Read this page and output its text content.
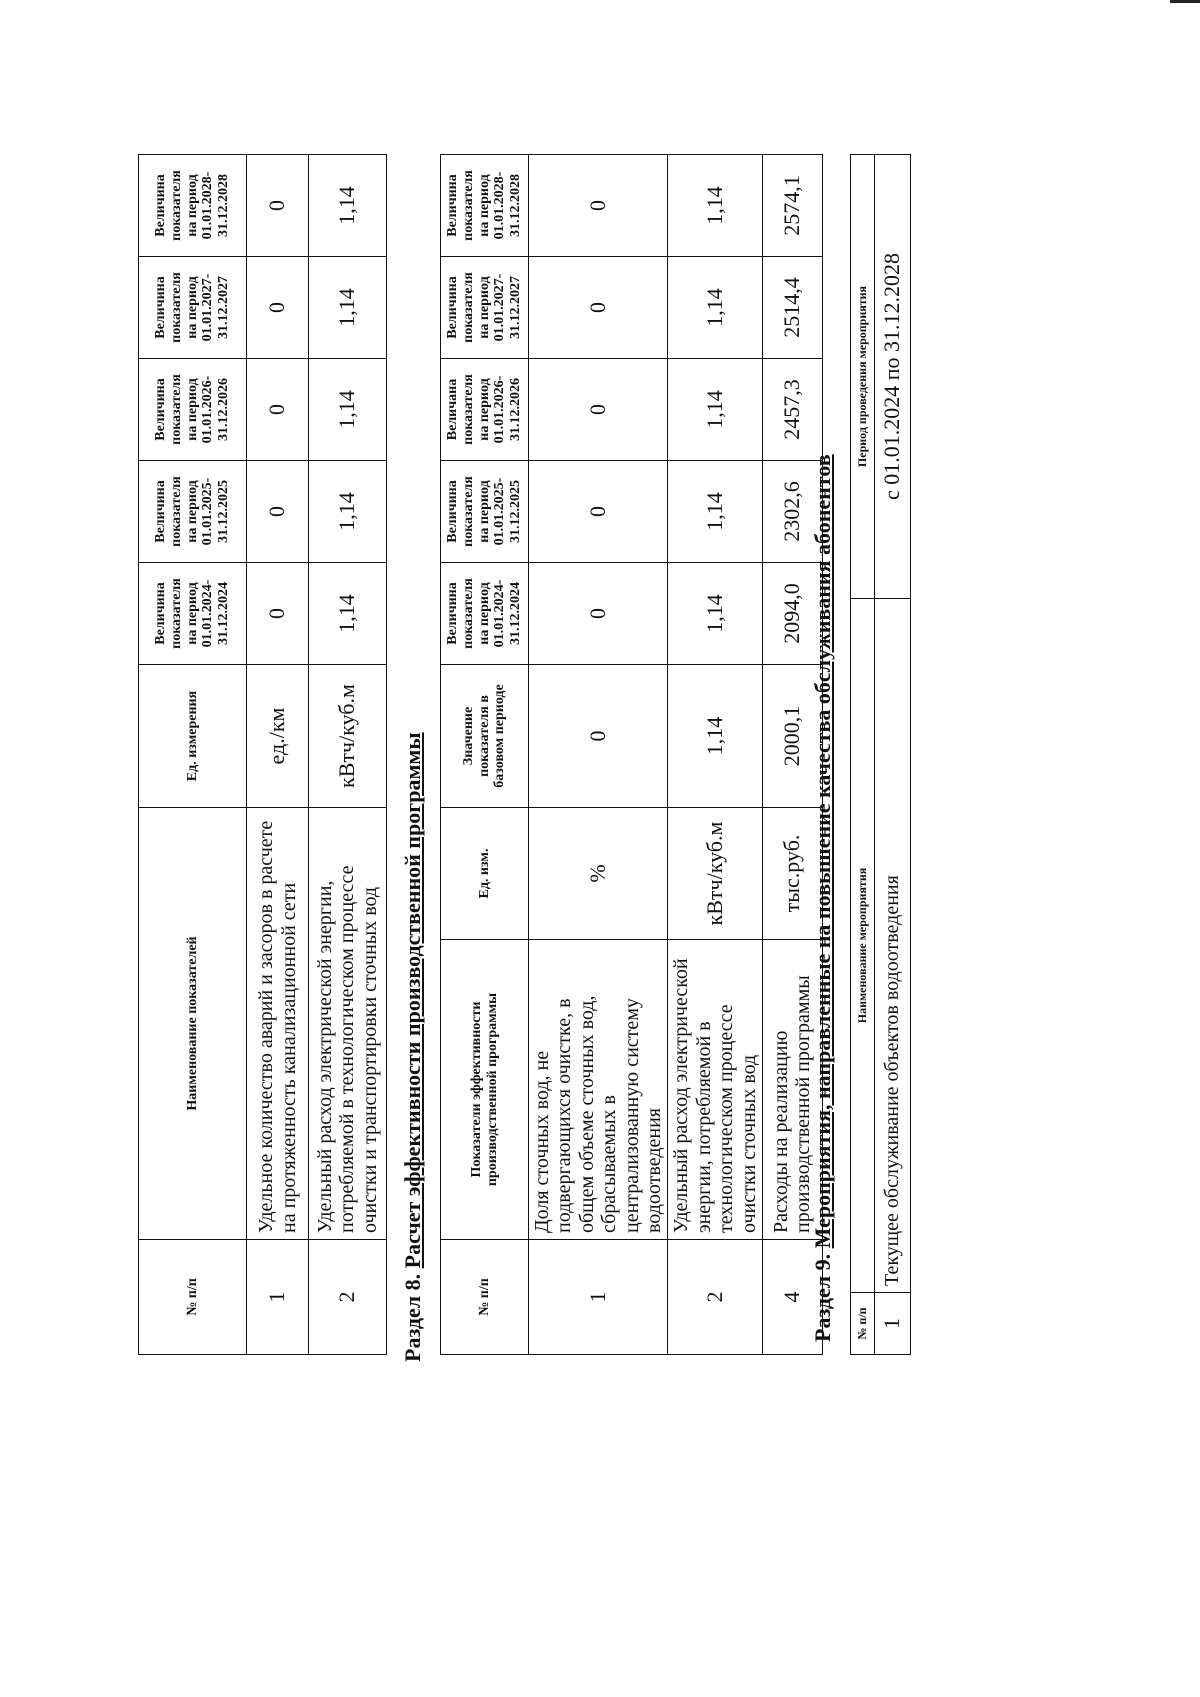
№ п/п	Наименование показателей	Ед. измерения	Величина показателя на период 01.01.2024-31.12.2024	Величина показателя на период 01.01.2025-31.12.2025	Величина показателя на период 01.01.2026-31.12.2026	Величина показателя на период 01.01.2027-31.12.2027	Величина показателя на период 01.01.2028-31.12.2028
1	Удельное количество аварий и засоров в расчете на протяженность канализационной сети	ед./км	0	0	0	0	0
2	Удельный расход электрической энергии, потребляемой в технологическом процессе очистки и транспортировки сточных вод	кВтч/куб.м	1,14	1,14	1,14	1,14	1,14
Раздел 8. Расчет эффективности производственной программы
№ п/п	Показатели эффективности производственной программы	Ед. изм.	Значение показателя в базовом периоде	Величина показателя на период 01.01.2024-31.12.2024	Величина показателя на период 01.01.2025-31.12.2025	Величана показателя на период 01.01.2026-31.12.2026	Величина показателя на период 01.01.2027-31.12.2027	Величина показателя на период 01.01.2028-31.12.2028
1	Доля сточных вод, не подвергающихся очистке, в общем объеме сточных вод, сбрасываемых в централизованную систему водоотведения	%	0	0	0	0	0	0
2	Удельный расход электрической энергии, потребляемой в технологическом процессе очистки сточных вод	кВтч/куб.м	1,14	1,14	1,14	1,14	1,14	1,14
4	Расходы на реализацию производственной программы	тыс.руб.	2000,1	2094,0	2302,6	2457,3	2514,4	2574,1
Раздел 9. Мероприятия, направленные на повышение качества обслуживания абонентов
№ п/п	Наименование мероприятия	Период проведения мероприятия
1	Текущее обслуживание объектов водоотведения	с 01.01.2024 по 31.12.2028
